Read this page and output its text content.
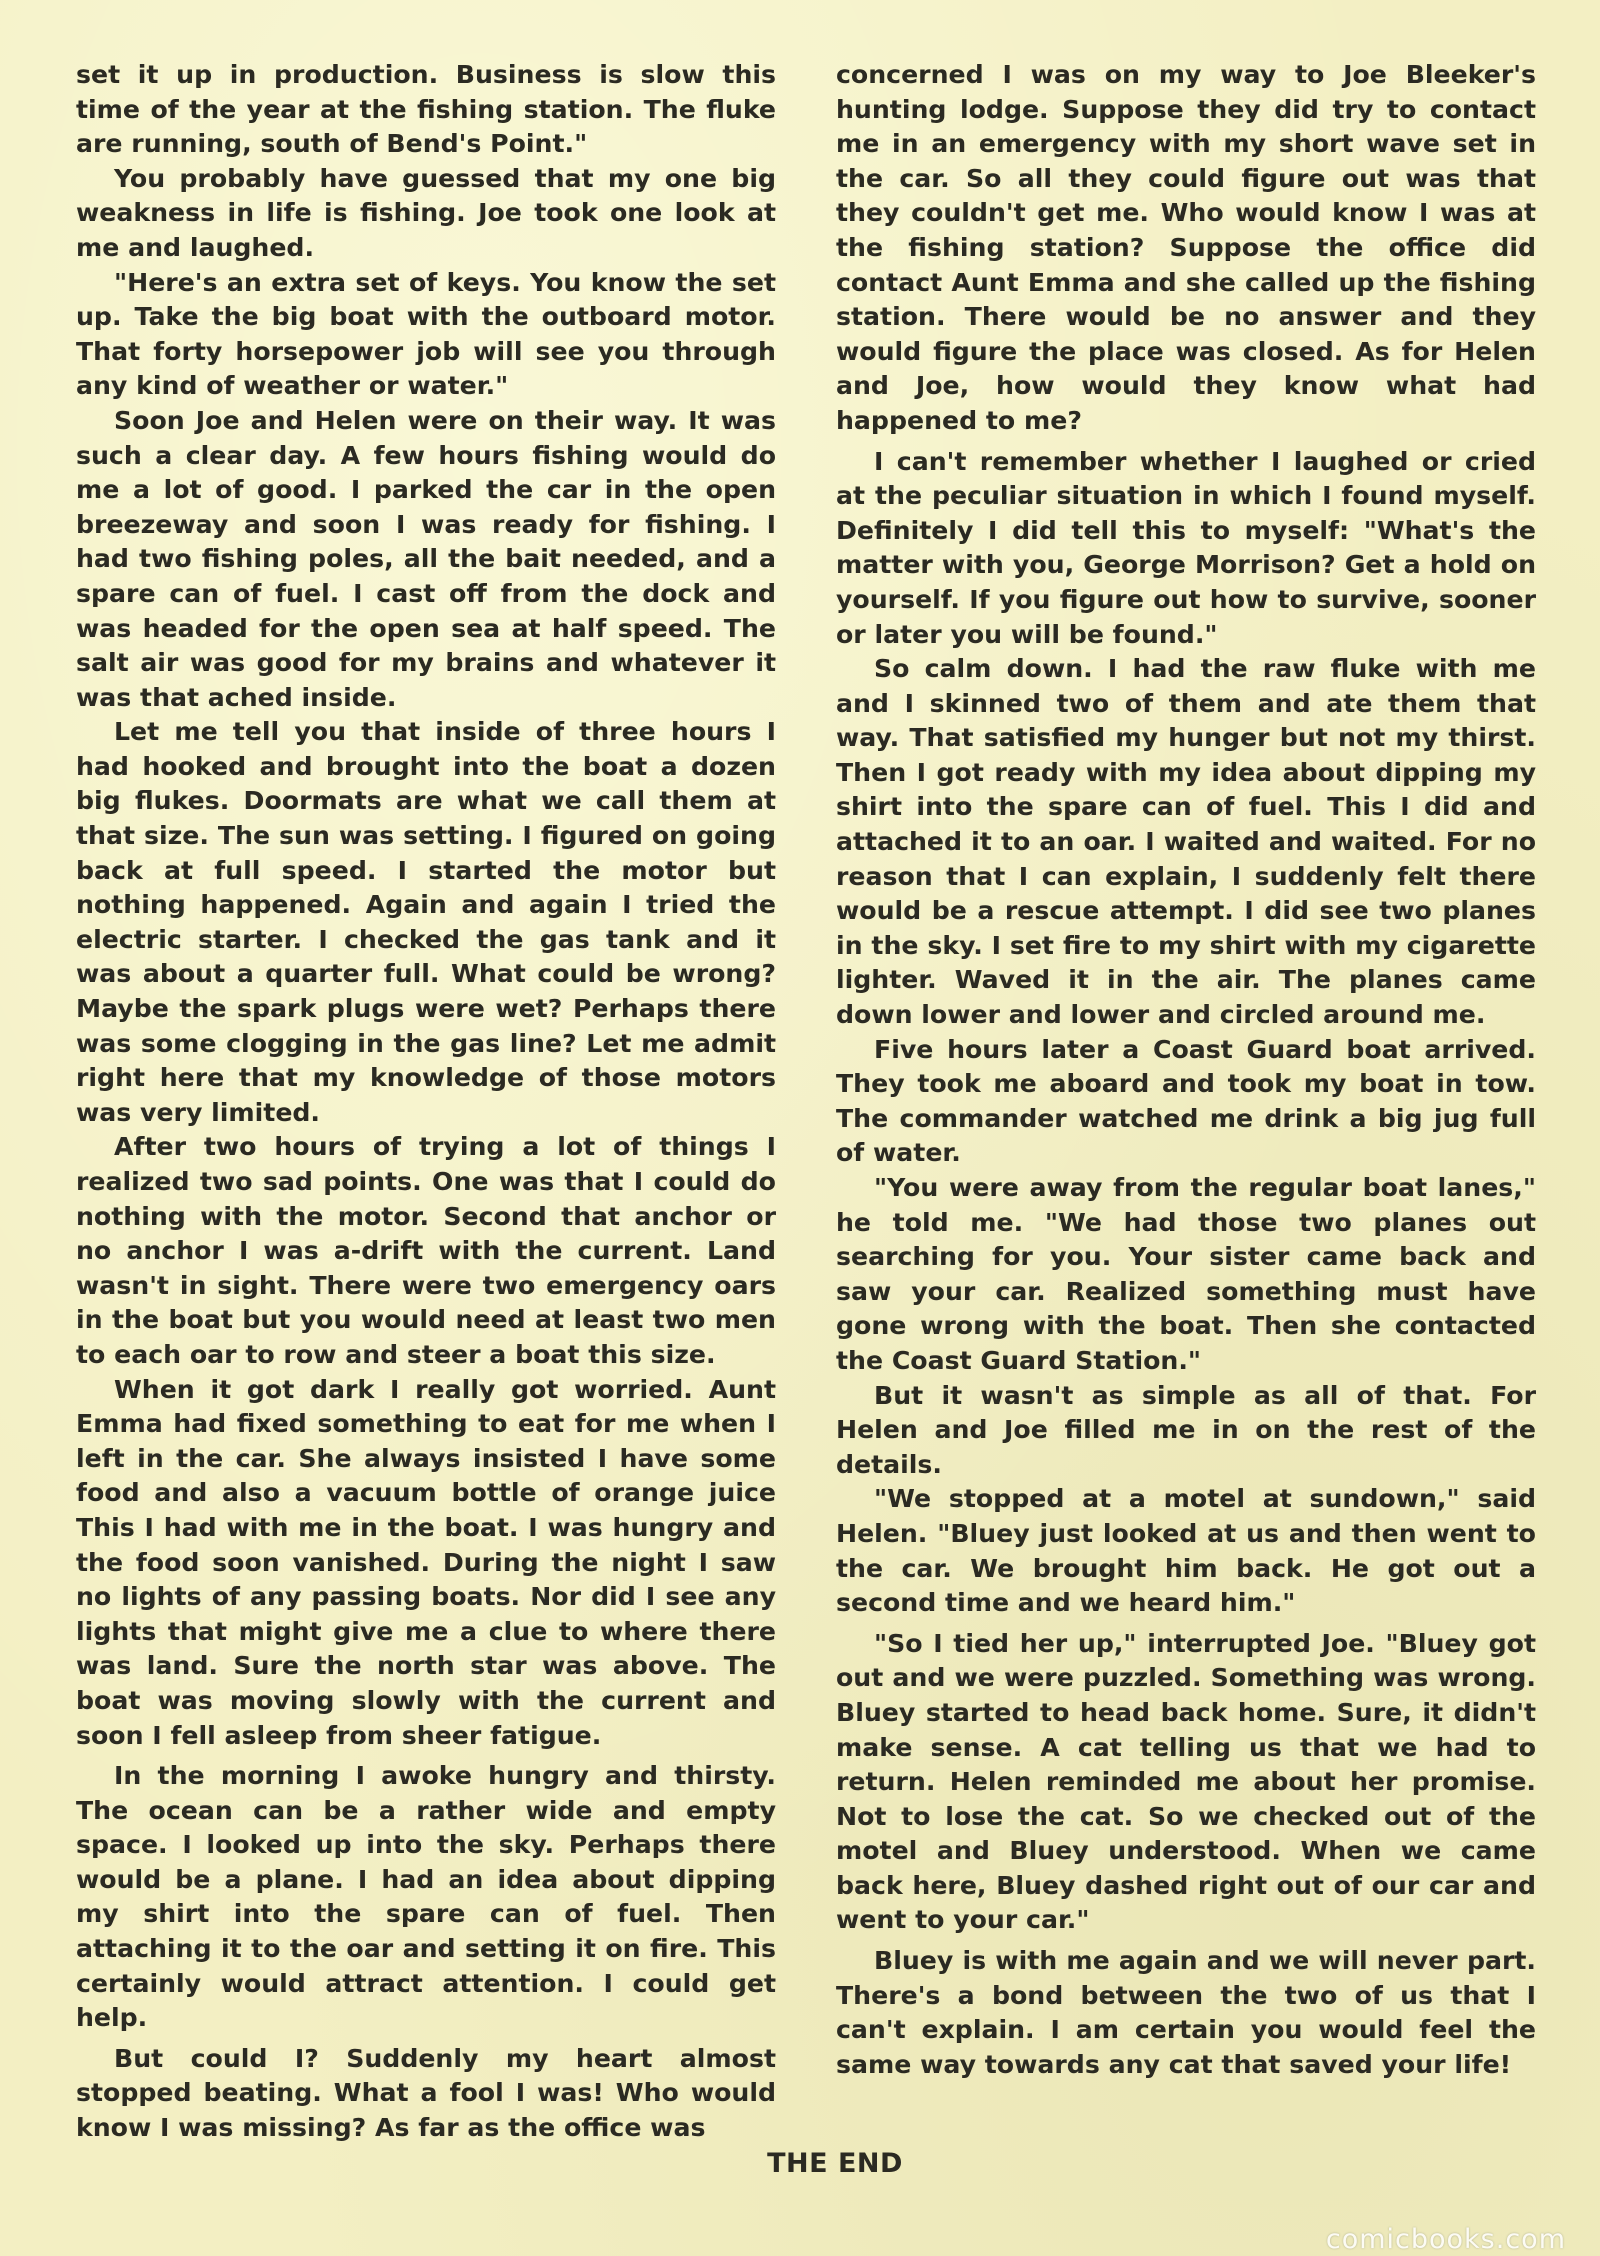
set it up in production. Business is slow this time of the year at the fishing station. The fluke are running, south of Bend's Point."

You probably have guessed that my one big weakness in life is fishing. Joe took one look at me and laughed.

"Here's an extra set of keys. You know the set up. Take the big boat with the outboard motor. That forty horsepower job will see you through any kind of weather or water."

Soon Joe and Helen were on their way. It was such a clear day. A few hours fishing would do me a lot of good. I parked the car in the open breezeway and soon I was ready for fishing. I had two fishing poles, all the bait needed, and a spare can of fuel. I cast off from the dock and was headed for the open sea at half speed. The salt air was good for my brains and whatever it was that ached inside.

Let me tell you that inside of three hours I had hooked and brought into the boat a dozen big flukes. Doormats are what we call them at that size. The sun was setting. I figured on going back at full speed. I started the motor but nothing happened. Again and again I tried the electric starter. I checked the gas tank and it was about a quarter full. What could be wrong? Maybe the spark plugs were wet? Perhaps there was some clogging in the gas line? Let me admit right here that my knowledge of those motors was very limited.

After two hours of trying a lot of things I realized two sad points. One was that I could do nothing with the motor. Second that anchor or no anchor I was a-drift with the current. Land wasn't in sight. There were two emergency oars in the boat but you would need at least two men to each oar to row and steer a boat this size.

When it got dark I really got worried. Aunt Emma had fixed something to eat for me when I left in the car. She always insisted I have some food and also a vacuum bottle of orange juice This I had with me in the boat. I was hungry and the food soon vanished. During the night I saw no lights of any passing boats. Nor did I see any lights that might give me a clue to where there was land. Sure the north star was above. The boat was moving slowly with the current and soon I fell asleep from sheer fatigue.

In the morning I awoke hungry and thirsty. The ocean can be a rather wide and empty space. I looked up into the sky. Perhaps there would be a plane. I had an idea about dipping my shirt into the spare can of fuel. Then attaching it to the oar and setting it on fire. This certainly would attract attention. I could get help.

But could I? Suddenly my heart almost stopped beating. What a fool I was! Who would know I was missing? As far as the office was

concerned I was on my way to Joe Bleeker's hunting lodge. Suppose they did try to contact me in an emergency with my short wave set in the car. So all they could figure out was that they couldn't get me. Who would know I was at the fishing station? Suppose the office did contact Aunt Emma and she called up the fishing station. There would be no answer and they would figure the place was closed. As for Helen and Joe, how would they know what had happened to me?

I can't remember whether I laughed or cried at the peculiar situation in which I found myself. Definitely I did tell this to myself: "What's the matter with you, George Morrison? Get a hold on yourself. If you figure out how to survive, sooner or later you will be found."

So calm down. I had the raw fluke with me and I skinned two of them and ate them that way. That satisfied my hunger but not my thirst. Then I got ready with my idea about dipping my shirt into the spare can of fuel. This I did and attached it to an oar. I waited and waited. For no reason that I can explain, I suddenly felt there would be a rescue attempt. I did see two planes in the sky. I set fire to my shirt with my cigarette lighter. Waved it in the air. The planes came down lower and lower and circled around me.

Five hours later a Coast Guard boat arrived. They took me aboard and took my boat in tow. The commander watched me drink a big jug full of water.

"You were away from the regular boat lanes," he told me. "We had those two planes out searching for you. Your sister came back and saw your car. Realized something must have gone wrong with the boat. Then she contacted the Coast Guard Station."

But it wasn't as simple as all of that. For Helen and Joe filled me in on the rest of the details.

"We stopped at a motel at sundown," said Helen. "Bluey just looked at us and then went to the car. We brought him back. He got out a second time and we heard him."

"So I tied her up," interrupted Joe. "Bluey got out and we were puzzled. Something was wrong. Bluey started to head back home. Sure, it didn't make sense. A cat telling us that we had to return. Helen reminded me about her promise. Not to lose the cat. So we checked out of the motel and Bluey understood. When we came back here, Bluey dashed right out of our car and went to your car."

Bluey is with me again and we will never part. There's a bond between the two of us that I can't explain. I am certain you would feel the same way towards any cat that saved your life!

THE END
comicbooks.com
